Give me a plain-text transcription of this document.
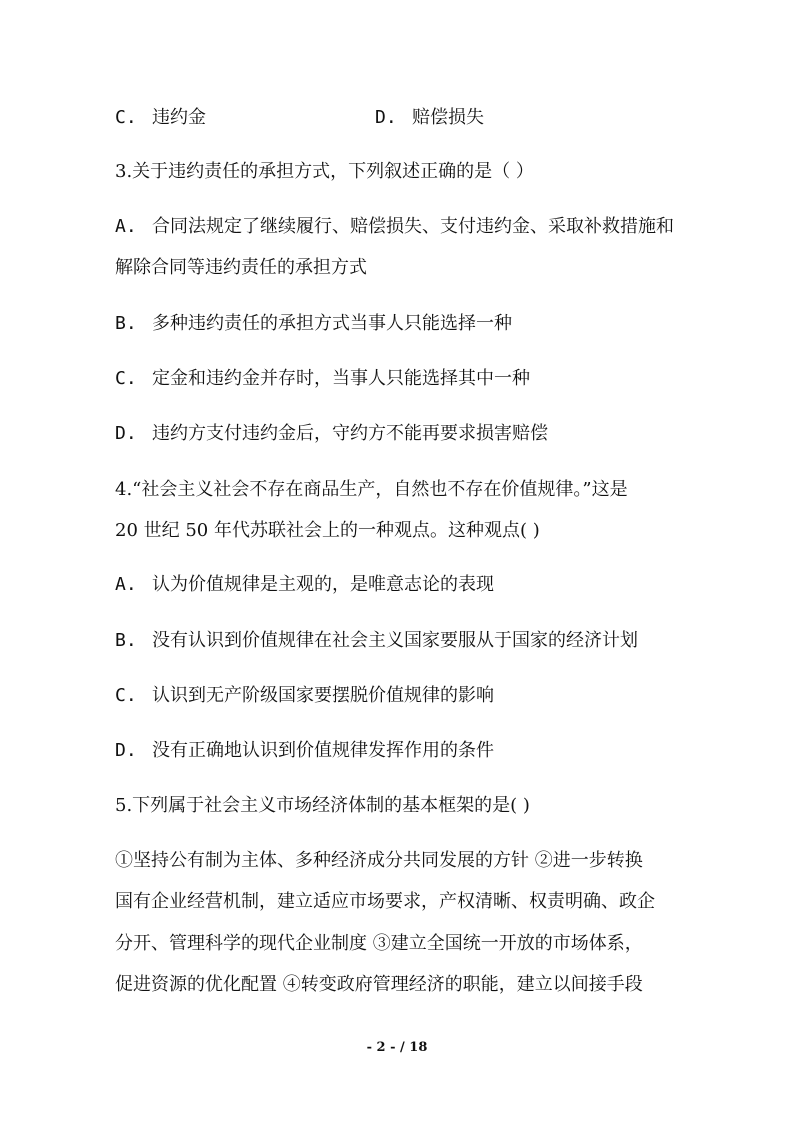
C. 违约金	D. 赔偿损失
3.关于违约责任的承担方式，下列叙述正确的是（ ）
A. 合同法规定了继续履行、赔偿损失、支付违约金、采取补救措施和
解除合同等违约责任的承担方式
B. 多种违约责任的承担方式当事人只能选择一种
C. 定金和违约金并存时，当事人只能选择其中一种
D. 违约方支付违约金后，守约方不能再要求损害赔偿
4.“社会主义社会不存在商品生产，自然也不存在价值规律。”这是
20 世纪 50 年代苏联社会上的一种观点。这种观点( )
A. 认为价值规律是主观的，是唯意志论的表现
B. 没有认识到价值规律在社会主义国家要服从于国家的经济计划
C. 认识到无产阶级国家要摆脱价值规律的影响
D. 没有正确地认识到价值规律发挥作用的条件
5.下列属于社会主义市场经济体制的基本框架的是( )
①坚持公有制为主体、多种经济成分共同发展的方针 ②进一步转换
国有企业经营机制，建立适应市场要求，产权清晰、权责明确、政企
分开、管理科学的现代企业制度 ③建立全国统一开放的市场体系，
促进资源的优化配置 ④转变政府管理经济的职能，建立以间接手段
- 2 - / 18
